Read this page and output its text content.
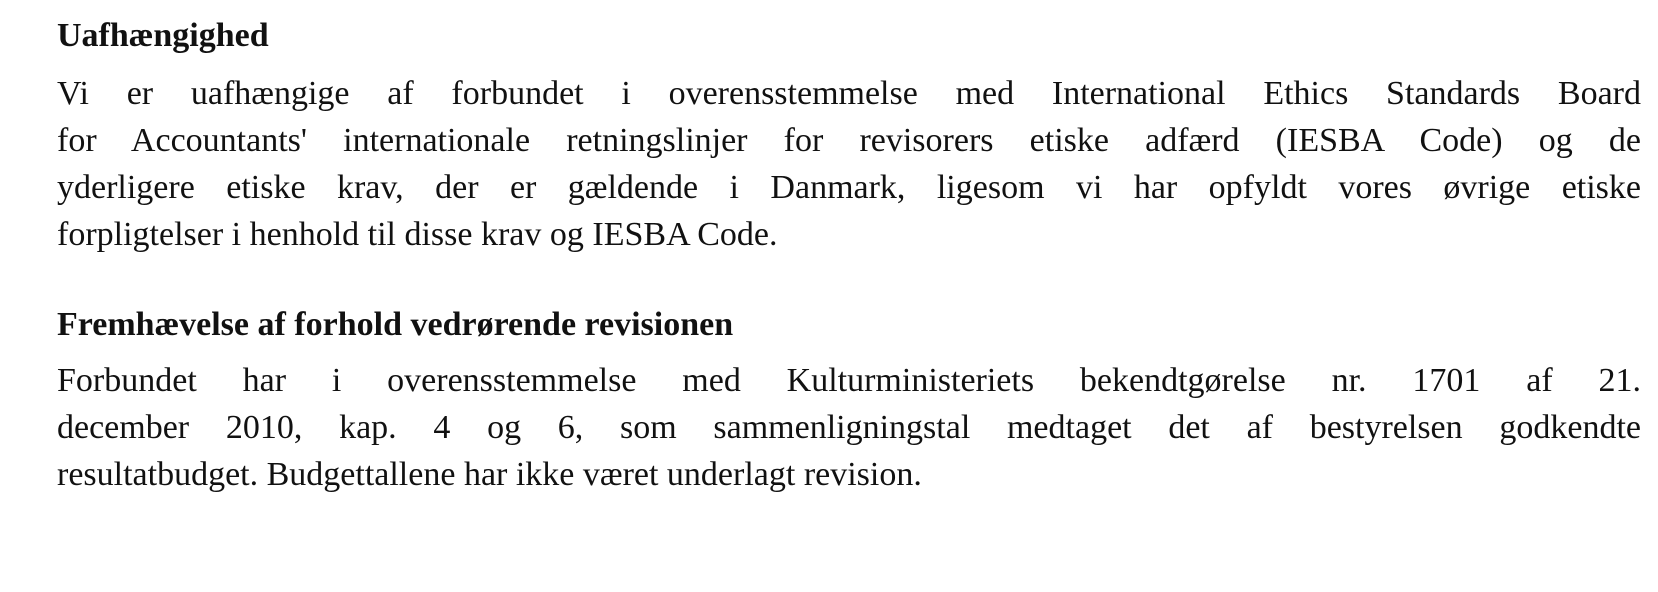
Uafhængighed

Vi er uafhængige af forbundet i overensstemmelse med International Ethics Standards Board
for Accountants' internationale retningslinjer for revisorers etiske adfærd (IESBA Code) og de
yderligere etiske krav, der er gældende i Danmark, ligesom vi har opfyldt vores øvrige etiske
forpligtelser i henhold til disse krav og IESBA Code.

Fremhævelse af forhold vedrørende revisionen

Forbundet har i overensstemmelse med Kulturministeriets bekendtgørelse nr. 1701 af 21.
december 2010, kap. 4 og 6, som sammenligningstal medtaget det af bestyrelsen godkendte
resultatbudget. Budgettallene har ikke været underlagt revision.
